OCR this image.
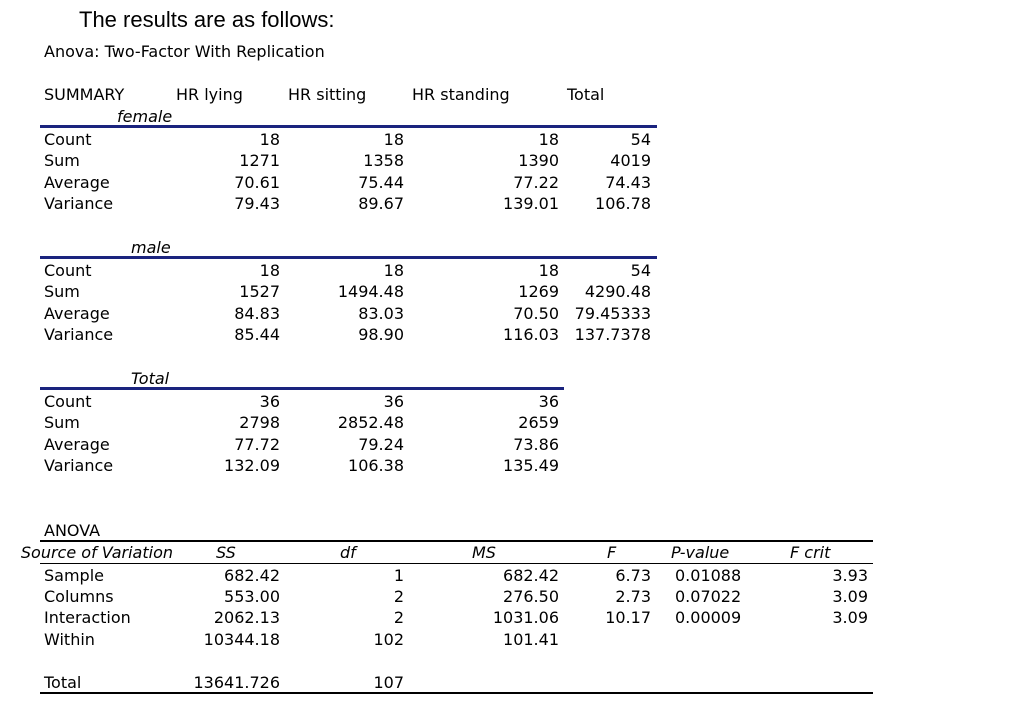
The results are as follows:
Anova: Two-Factor With Replication
SUMMARY	HR lying	HR sitting	HR standing	Total
female
Count	18	18	18	54
Sum	1271	1358	1390	4019
Average	70.61	75.44	77.22	74.43
Variance	79.43	89.67	139.01 106.78
male
Count	18	18	18	54
Sum	1527	1494.48	1269 4290.48
Average	84.83	83.03	70.50 79.45333
Variance	85.44	98.90	116.03 137.7378
Total
Count	36	36	36
Sum	2798	2852.48	2659
Average	77.72	79.24	73.86
Variance	132.09	106.38	135.49
ANOVA
Source of Variation	SS	df	MS	F	P-value	F crit
Sample	682.42	1	682.42	6.73 0.01088	3.93
Columns	553.00	2	276.50	2.73 0.07022	3.09
Interaction	2062.13	2	1031.06	10.17 0.00009	3.09
Within	10344.18	102	101.41
Total	13641.726	107
